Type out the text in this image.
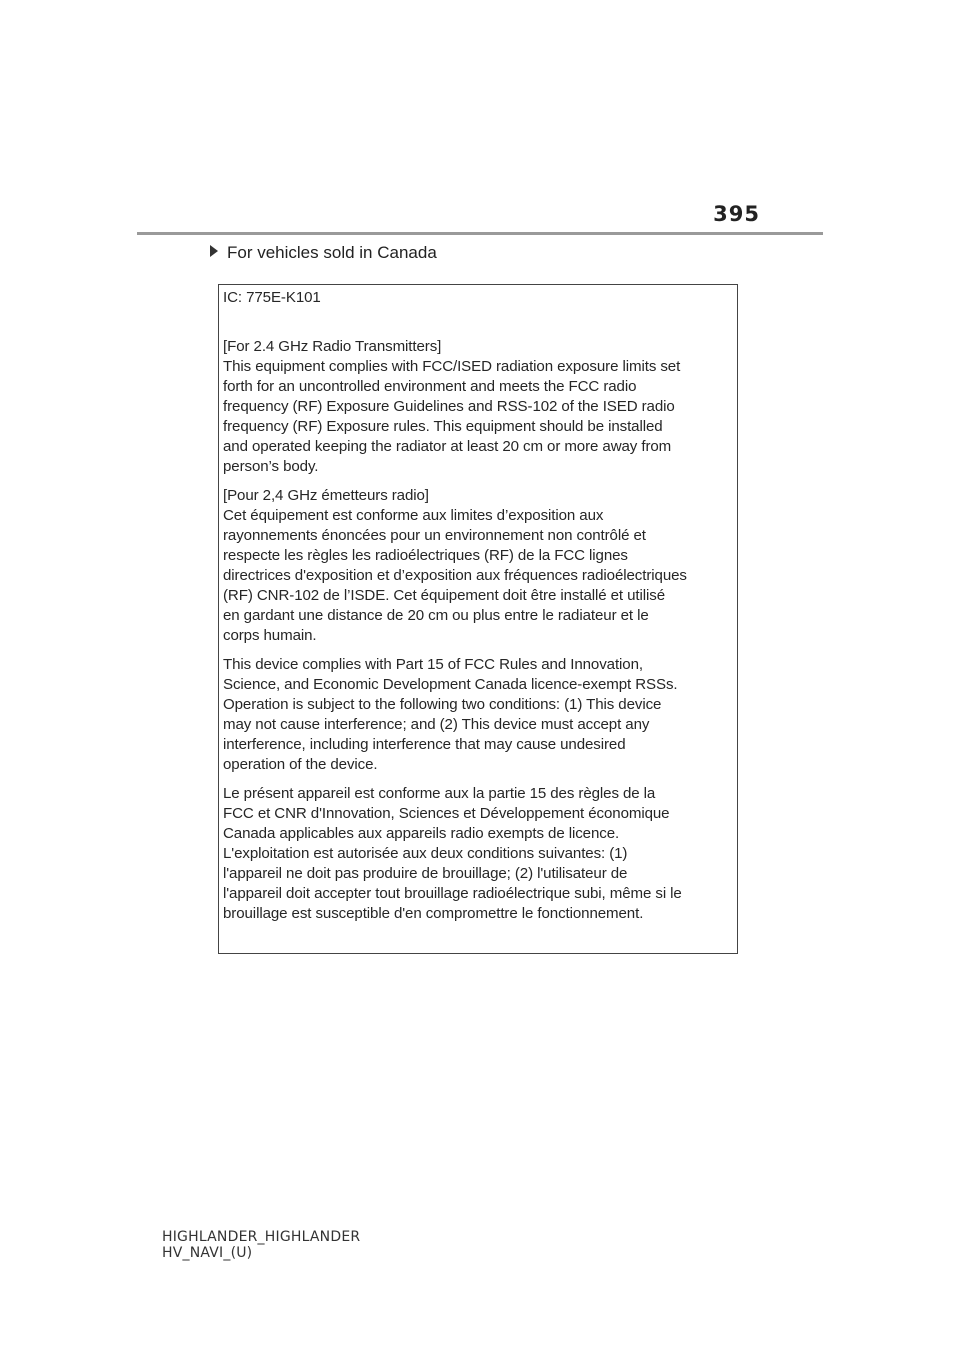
395
For vehicles sold in Canada

IC: 775E-K101

[For 2.4 GHz Radio Transmitters]

This equipment complies with FCC/ISED radiation exposure limits set

forth for an uncontrolled environment and meets the FCC radio

frequency (RF) Exposure Guidelines and RSS-102 of the ISED radio

frequency (RF) Exposure rules. This equipment should be installed

and operated keeping the radiator at least 20 cm or more away from

person’s body.

[Pour 2,4 GHz émetteurs radio]

Cet équipement est conforme aux limites d’exposition aux

rayonnements énoncées pour un environnement non contrôlé et

respecte les règles les radioélectriques (RF) de la FCC lignes

directrices d'exposition et d’exposition aux fréquences radioélectriques

(RF) CNR-102 de l’ISDE. Cet équipement doit être installé et utilisé

en gardant une distance de 20 cm ou plus entre le radiateur et le

corps humain.

This device complies with Part 15 of FCC Rules and Innovation,

Science, and Economic Development Canada licence-exempt RSSs.

Operation is subject to the following two conditions: (1) This device

may not cause interference; and (2) This device must accept any

interference, including interference that may cause undesired

operation of the device.

Le présent appareil est conforme aux la partie 15 des règles de la

FCC et CNR d'Innovation, Sciences et Développement économique

Canada applicables aux appareils radio exempts de licence.

L'exploitation est autorisée aux deux conditions suivantes: (1)

l'appareil ne doit pas produire de brouillage; (2) l'utilisateur de

l'appareil doit accepter tout brouillage radioélectrique subi, même si le

brouillage est susceptible d'en compromettre le fonctionnement.

HIGHLANDER_HIGHLANDER
HV_NAVI_(U)
